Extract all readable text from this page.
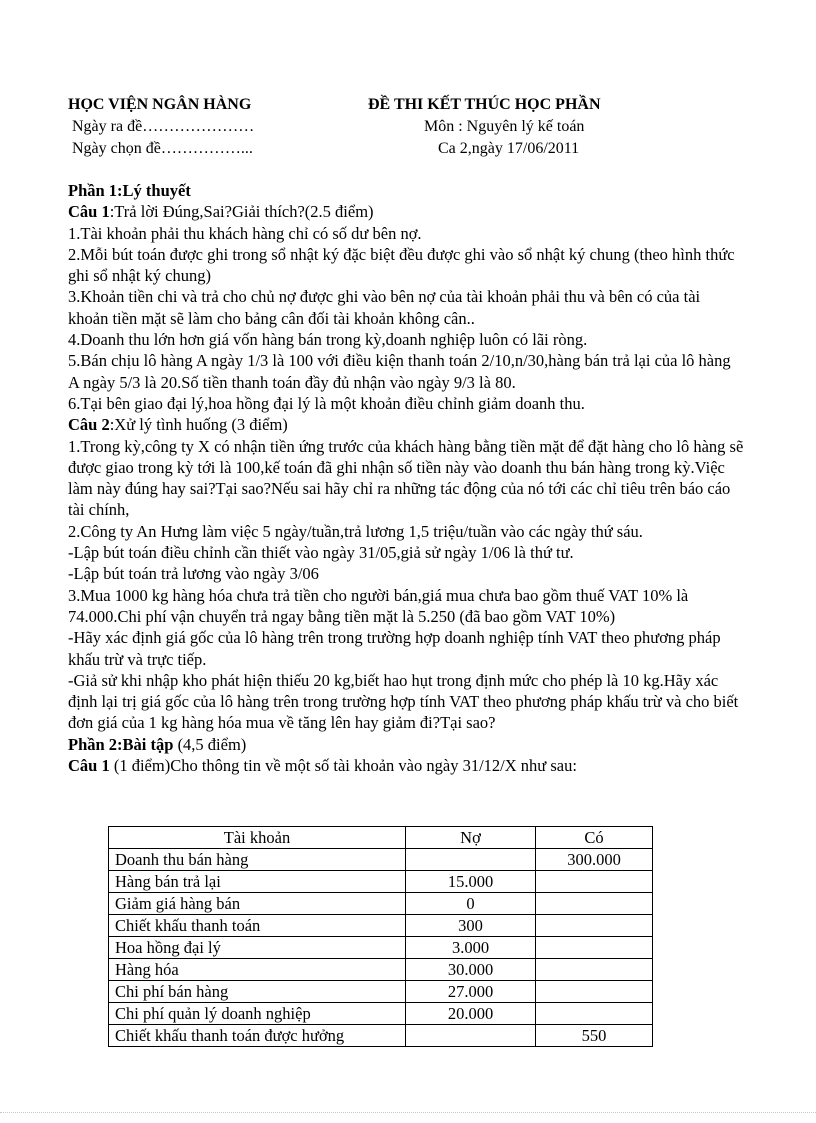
HỌC VIỆN NGÂN HÀNG	ĐỀ THI KẾT THÚC HỌC PHẦN
Ngày ra đề…………………	Môn : Nguyên lý kế toán
Ngày chọn đề……………...	Ca 2,ngày 17/06/2011

Phần 1:Lý thuyết

Câu 1:Trả lời Đúng,Sai?Giải thích?(2.5 điểm)

1.Tài khoản phải thu khách hàng chỉ có số dư bên nợ.

2.Mỗi bút toán được ghi trong sổ nhật ký đặc biệt đều được ghi vào sổ nhật ký chung (theo hình thức ghi sổ nhật ký chung)

3.Khoản tiền chi và trả cho chủ nợ được ghi vào bên nợ của tài khoản phải thu và bên có của tài khoản tiền mặt sẽ làm cho bảng cân đối tài khoản không cân..

4.Doanh thu lớn hơn giá vốn hàng bán trong kỳ,doanh nghiệp luôn có lãi ròng.

5.Bán chịu lô hàng A ngày 1/3 là 100 với điều kiện thanh toán 2/10,n/30,hàng bán trả lại của lô hàng A ngày 5/3 là 20.Số tiền thanh toán đầy đủ nhận vào ngày 9/3 là 80.

6.Tại bên giao đại lý,hoa hồng đại lý là một khoản điều chỉnh giảm doanh thu.

Câu 2:Xử lý tình huống (3 điểm)

1.Trong kỳ,công ty X có nhận tiền ứng trước của khách hàng bằng tiền mặt để đặt hàng cho lô hàng sẽ được giao trong kỳ tới là 100,kế toán đã ghi nhận số tiền này vào doanh thu bán hàng trong kỳ.Việc làm này đúng hay sai?Tại sao?Nếu sai hãy chỉ ra những tác động của nó tới các chỉ tiêu trên báo cáo tài chính,

2.Công ty An Hưng làm việc 5 ngày/tuần,trả lương 1,5 triệu/tuần vào các ngày thứ sáu.

-Lập bút toán điều chỉnh cần thiết vào ngày 31/05,giả sử ngày 1/06 là thứ tư.

-Lập bút toán trả lương vào ngày 3/06

3.Mua 1000 kg hàng hóa chưa trả tiền cho người bán,giá mua chưa bao gồm thuế VAT 10% là 74.000.Chi phí vận chuyển trả ngay bằng tiền mặt là 5.250 (đã bao gồm VAT 10%)

-Hãy xác định giá gốc của lô hàng trên trong trường hợp doanh nghiệp tính VAT theo phương pháp khấu trừ và trực tiếp.

-Giả sử khi nhập kho phát hiện thiếu 20 kg,biết hao hụt trong định mức cho phép là 10 kg.Hãy xác định lại trị giá gốc của lô hàng trên trong trường hợp tính VAT theo phương pháp khấu trừ và cho biết đơn giá của 1 kg hàng hóa mua về tăng lên hay giảm đi?Tại sao?

Phần 2:Bài tập (4,5 điểm)

Câu 1 (1 điểm)Cho thông tin về một số tài khoản vào ngày 31/12/X như sau:

Tài khoản	Nợ	Có
Doanh thu bán hàng		300.000
Hàng bán trả lại	15.000	
Giảm giá hàng bán	0	
Chiết khấu thanh toán	300	
Hoa hồng đại lý	3.000	
Hàng hóa	30.000	
Chi phí bán hàng	27.000	
Chi phí quản lý doanh nghiệp	20.000	
Chiết khấu thanh toán được hưởng		550
